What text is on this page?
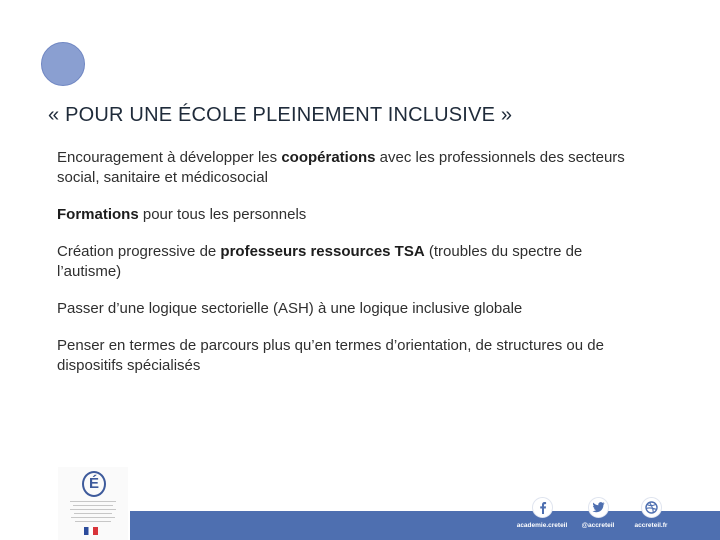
« POUR UNE ÉCOLE PLEINEMENT INCLUSIVE »

Encouragement à développer les coopérations avec les professionnels des secteurs social, sanitaire et médicosocial

Formations pour tous les personnels

Création progressive de professeurs ressources TSA (troubles du spectre de l’autisme)

Passer d’une logique sectorielle (ASH) à une logique inclusive globale

Penser en termes de parcours plus qu’en termes d’orientation, de structures ou de dispositifs spécialisés

É
academie.creteil	@accreteil	accreteil.fr
